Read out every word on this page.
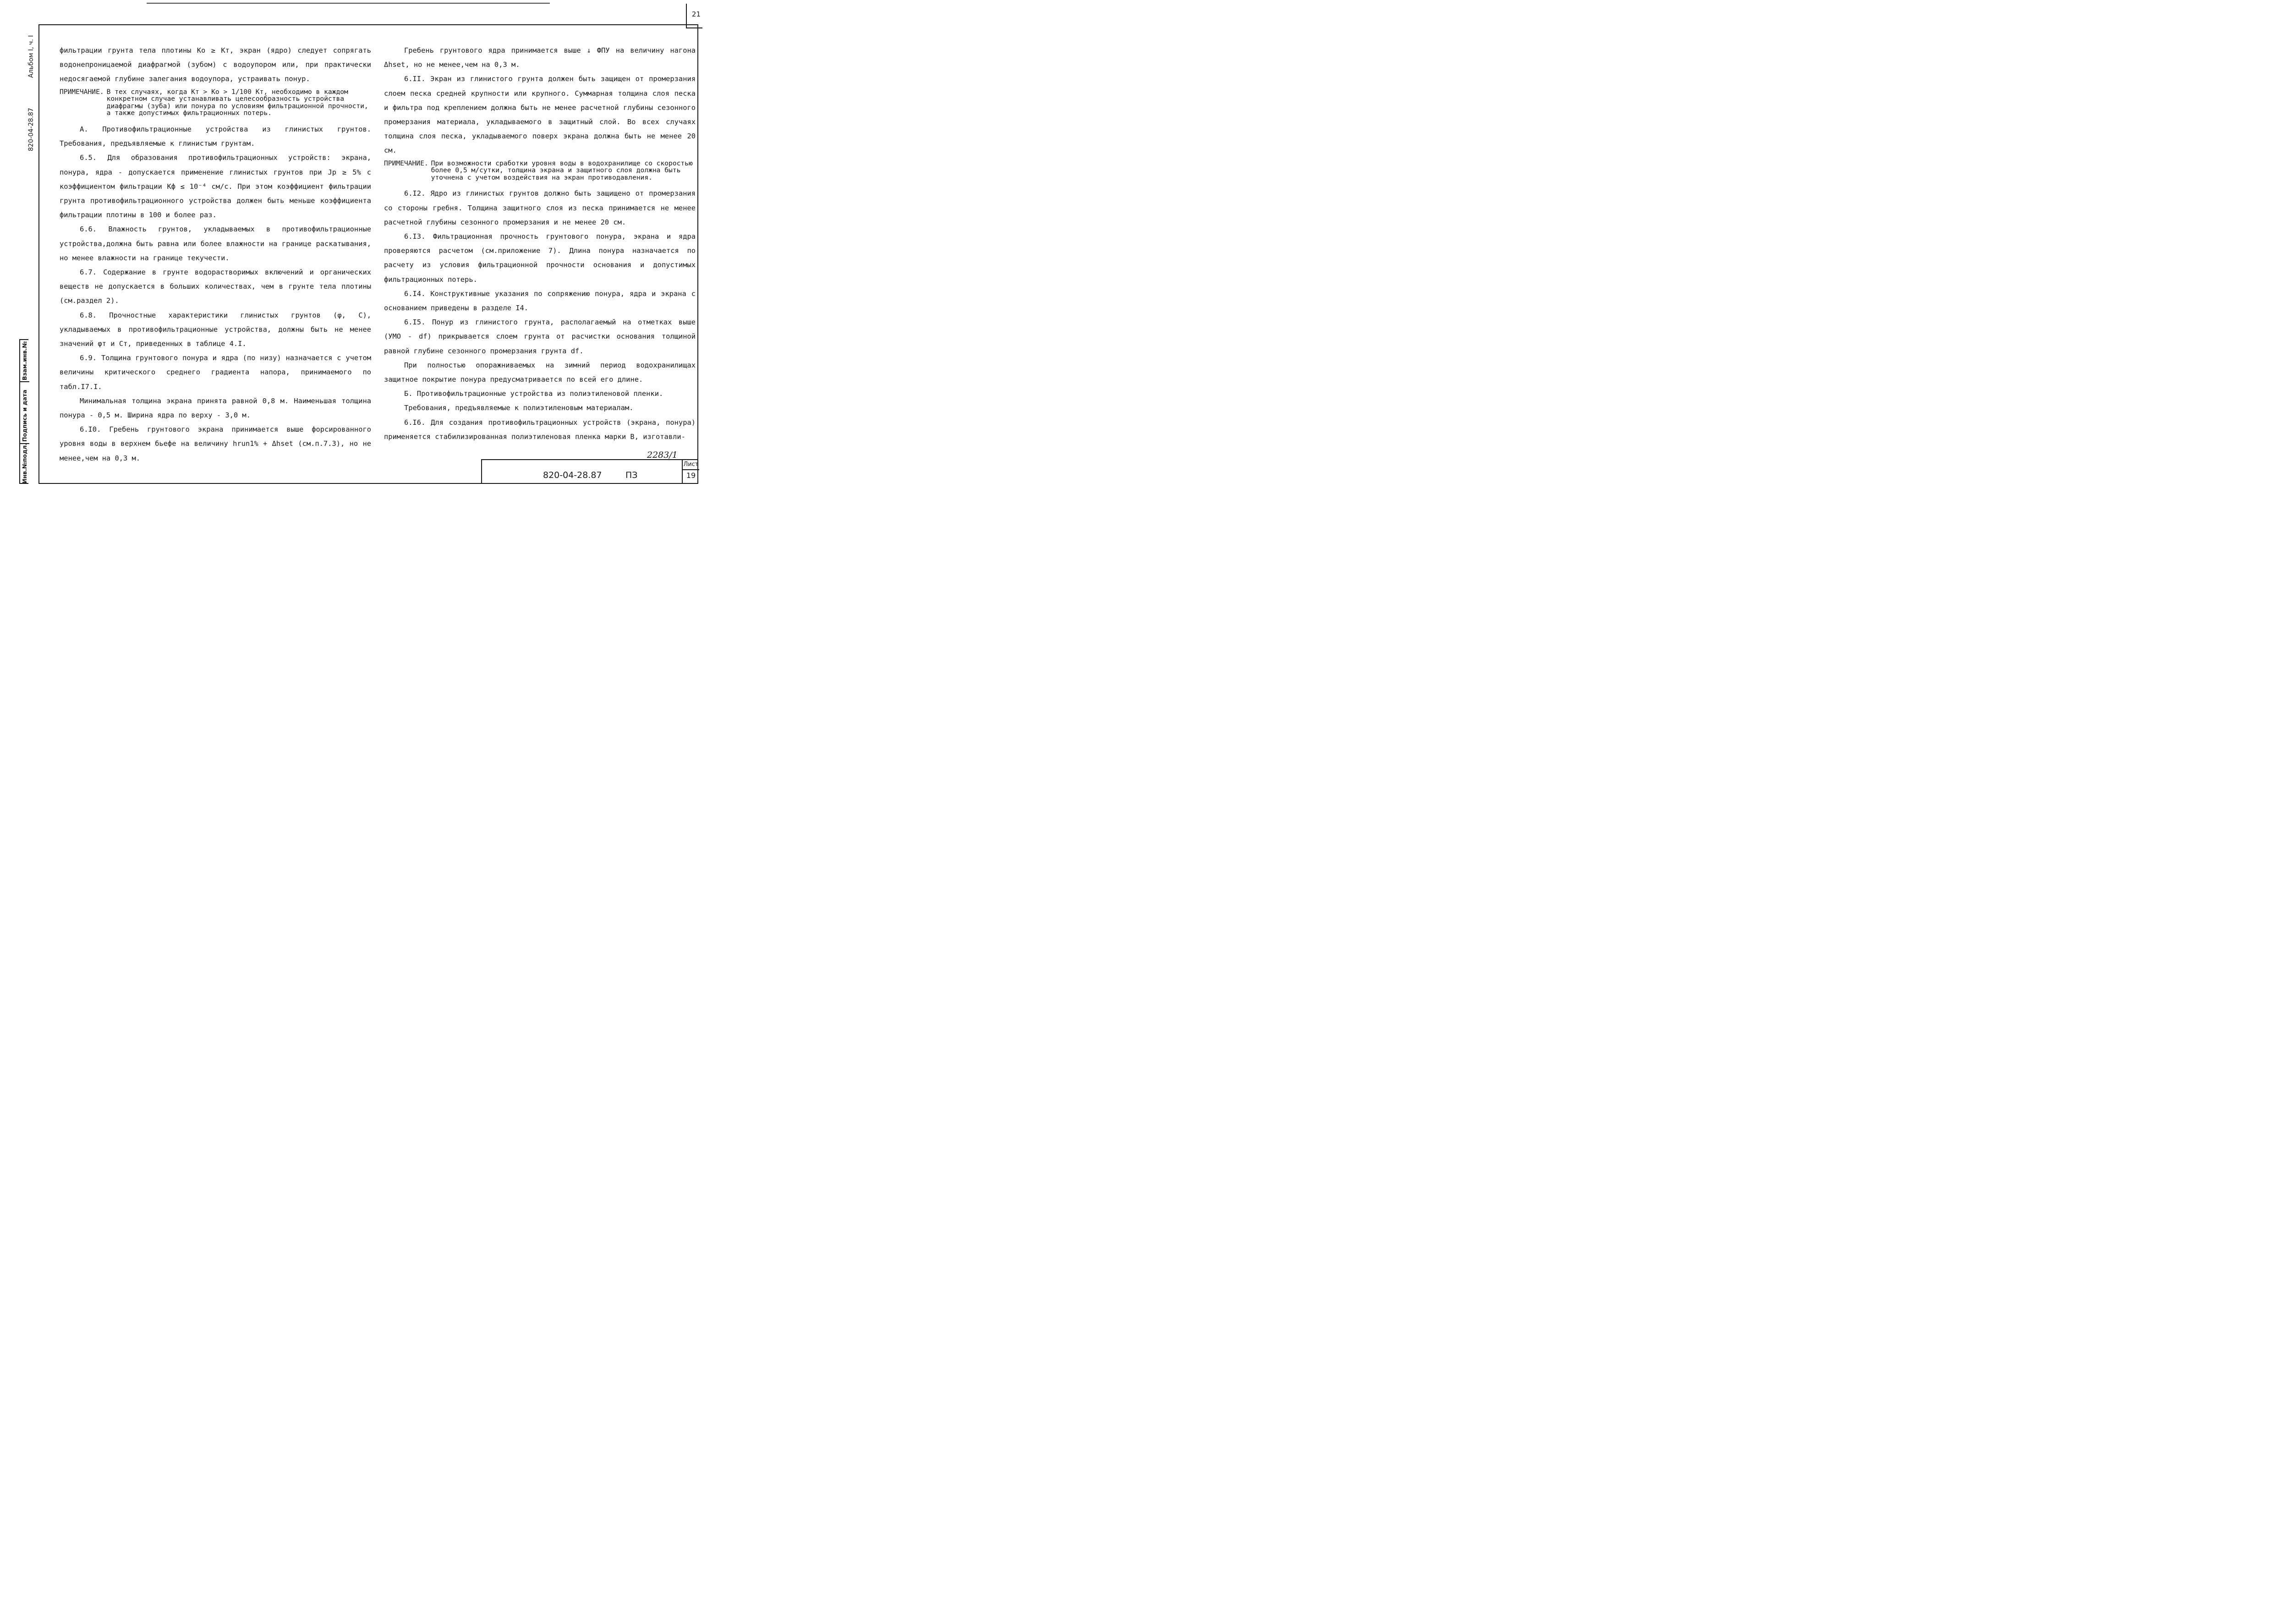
21
Альбом I, ч. I
820-04-28.87
Взам.инв.№
Подпись и дата
Инв.№подл.

фильтрации грунта тела плотины Kо ≥ Kт, экран (ядро) следует сопрягать водонепроницаемой диафрагмой (зубом) с водоупором или, при практически недосягаемой глубине залегания водоупора, устраивать понур.

ПРИМЕЧАНИЕ. В тех случаях, когда Kт > Kо > 1/100 Kт, необходимо в каждом конкретном случае устанавливать целесообразность устройства диафрагмы (зуба) или понура по условиям фильтрационной прочности, а также допустимых фильтрационных потерь.

А. Противофильтрационные устройства из глинистых грунтов. Требования, предъявляемые к глинистым грунтам.

6.5. Для образования противофильтрационных устройств: экрана, понура, ядра - допускается применение глинистых грунтов при Jр ≥ 5% с коэффициентом фильтрации Kф ≤ 10⁻⁴ см/с. При этом коэффициент фильтрации грунта противофильтрационного устройства должен быть меньше коэффициента фильтрации плотины в 100 и более раз.

6.6. Влажность грунтов, укладываемых в противофильтрационные устройства,должна быть равна или более влажности на границе раскатывания, но менее влажности на границе текучести.

6.7. Содержание в грунте водорастворимых включений и органических веществ не допускается в больших количествах, чем в грунте тела плотины (см.раздел 2).

6.8. Прочностные характеристики глинистых грунтов (φ, C), укладываемых в противофильтрационные устройства, должны быть не менее значений φт и Cт, приведенных в таблице 4.I.

6.9. Толщина грунтового понура и ядра (по низу) назначается с учетом величины критического среднего градиента напора, принимаемого по табл.I7.I.

Минимальная толщина экрана принята равной 0,8 м. Наименьшая толщина понура - 0,5 м. Ширина ядра по верху - 3,0 м.

6.I0. Гребень грунтового экрана принимается выше форсированного уровня воды в верхнем бьефе на величину hrun1% + Δhset (см.п.7.3), но не менее,чем на 0,3 м.

Гребень грунтового ядра принимается выше ↓ ФПУ на величину нагона Δhset, но не менее,чем на 0,3 м.

6.II. Экран из глинистого грунта должен быть защищен от промерзания слоем песка средней крупности или крупного. Суммарная толщина слоя песка и фильтра под креплением должна быть не менее расчетной глубины сезонного промерзания материала, укладываемого в защитный слой. Во всех случаях толщина слоя песка, укладываемого поверх экрана должна быть не менее 20 см.

ПРИМЕЧАНИЕ. При возможности сработки уровня воды в водохранилище со скоростью более 0,5 м/сутки, толщина экрана и защитного слоя должна быть уточнена с учетом воздействия на экран противодавления.

6.I2. Ядро из глинистых грунтов должно быть защищено от промерзания со стороны гребня. Толщина защитного слоя из песка принимается не менее расчетной глубины сезонного промерзания и не менее 20 см.

6.I3. Фильтрационная прочность грунтового понура, экрана и ядра проверяются расчетом (см.приложение 7). Длина понура назначается по расчету из условия фильтрационной прочности основания и допустимых фильтрационных потерь.

6.I4. Конструктивные указания по сопряжению понура, ядра и экрана с основанием приведены в разделе I4.

6.I5. Понур из глинистого грунта, располагаемый на отметках выше (УМО - df) прикрывается слоем грунта от расчистки основания толщиной равной глубине сезонного промерзания грунта df.

При полностью опоражниваемых на зимний период водохранилищах защитное покрытие понура предусматривается по всей его длине.

Б. Противофильтрационные устройства из полиэтиленовой пленки.

Требования, предъявляемые к полиэтиленовым материалам.

6.I6. Для создания противофильтрационных устройств (экрана, понура) применяется стабилизированная полиэтиленовая пленка марки В, изготавли-

2283/1
820-04-28.87	ПЗ
Лист
19
